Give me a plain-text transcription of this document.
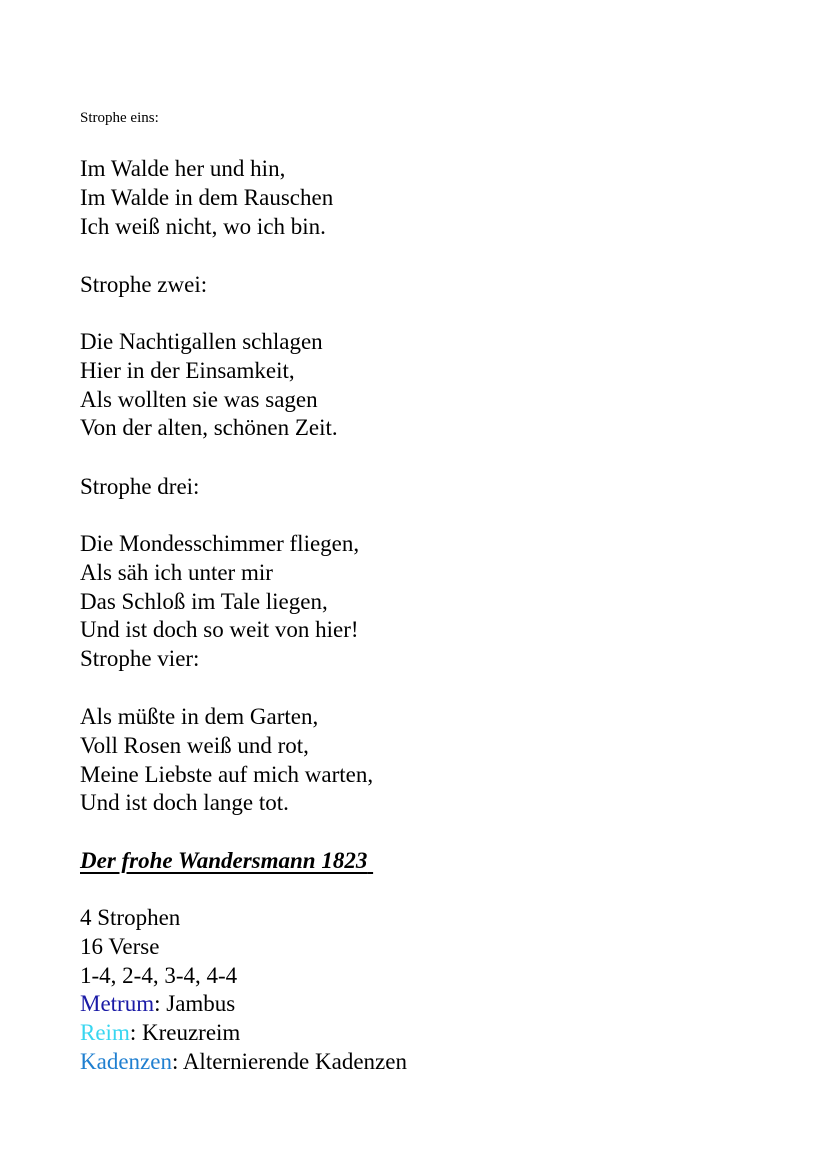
Strophe eins:
Im Walde her und hin,
Im Walde in dem Rauschen
Ich weiß nicht, wo ich bin.
Strophe zwei:
Die Nachtigallen schlagen
Hier in der Einsamkeit,
Als wollten sie was sagen
Von der alten, schönen Zeit.
Strophe drei:
Die Mondesschimmer fliegen,
Als säh ich unter mir
Das Schloß im Tale liegen,
Und ist doch so weit von hier!
Strophe vier:
Als müßte in dem Garten,
Voll Rosen weiß und rot,
Meine Liebste auf mich warten,
Und ist doch lange tot.
Der frohe Wandersmann 1823
4 Strophen
16 Verse
1-4, 2-4, 3-4, 4-4
Metrum: Jambus
Reim: Kreuzreim
Kadenzen: Alternierende Kadenzen
